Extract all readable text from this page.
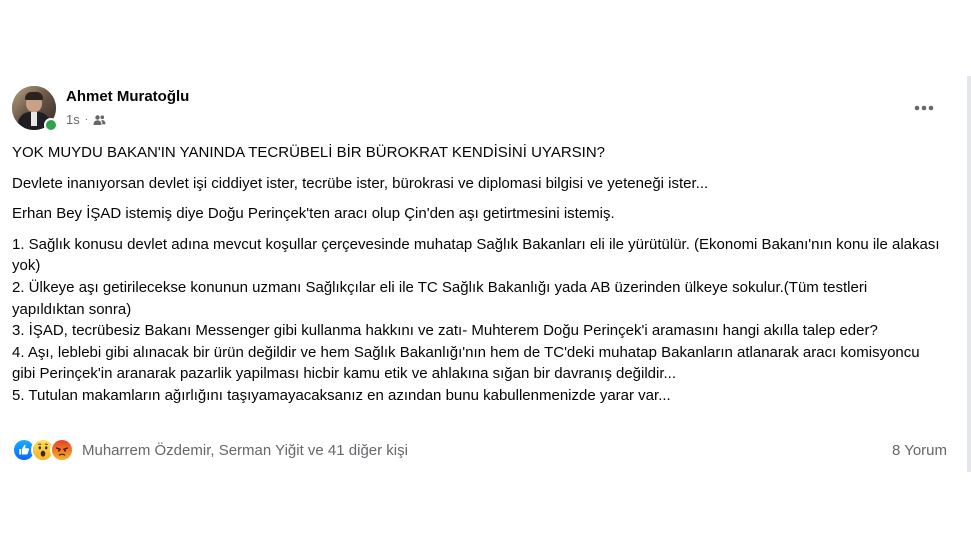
Ahmet Muratoğlu
1s ·

YOK MUYDU BAKAN'IN YANINDA TECRÜBELİ BİR BÜROKRAT KENDİSİNİ UYARSIN?

Devlete inanıyorsan devlet işi ciddiyet ister, tecrübe ister, bürokrasi ve diplomasi bilgisi ve yeteneği ister...

Erhan Bey İŞAD istemiş diye Doğu Perinçek'ten aracı olup Çin'den aşı getirtmesini istemiş.

1. Sağlık konusu devlet adına mevcut koşullar çerçevesinde muhatap Sağlık Bakanları eli ile yürütülür. (Ekonomi Bakanı'nın konu ile alakası yok)
2. Ülkeye aşı getirilecekse konunun uzmanı Sağlıkçılar eli ile TC Sağlık Bakanlığı yada AB üzerinden ülkeye sokulur.(Tüm testleri yapıldıktan sonra)
3. İŞAD, tecrübesiz Bakanı Messenger gibi kullanma hakkını ve zatı- Muhterem Doğu Perinçek'i aramasını hangi akılla talep eder?
4. Aşı, leblebi gibi alınacak bir ürün değildir ve hem Sağlık Bakanlığı'nın hem de TC'deki muhatap Bakanların atlanarak aracı komisyoncu gibi Perinçek'in aranarak pazarlik yapilması hicbir kamu etik ve ahlakına sığan bir davranış değildir...
5. Tutulan makamların ağırlığını taşıyamayacaksanız en azından bunu kabullenmenizde yarar var...
Muharrem Özdemir, Serman Yiğit ve 41 diğer kişi	8 Yorum
